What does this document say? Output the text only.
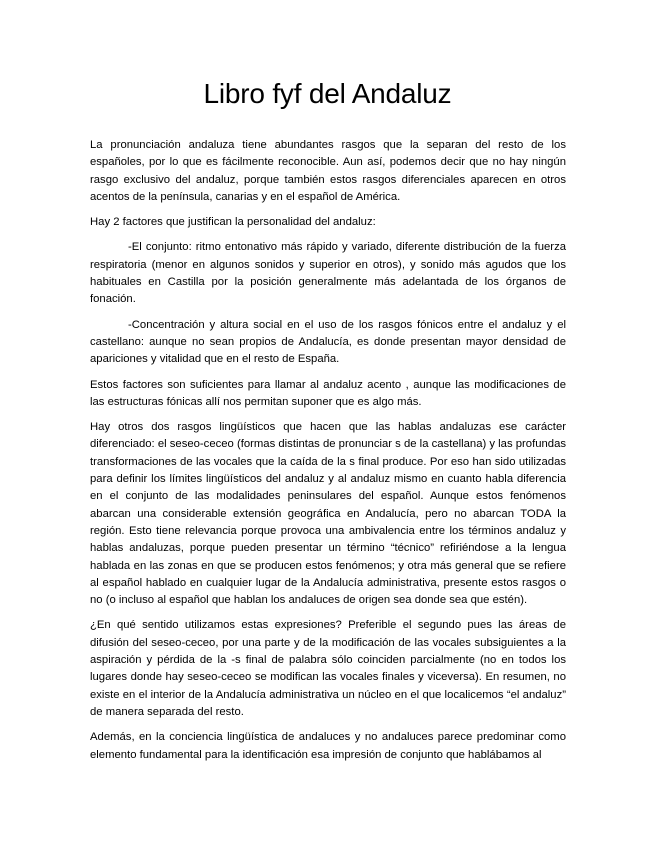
Libro fyf del Andaluz

La pronunciación andaluza tiene abundantes rasgos que la separan del resto de los españoles, por lo que es fácilmente reconocible. Aun así, podemos decir que no hay ningún rasgo exclusivo del andaluz, porque también estos rasgos diferenciales aparecen en otros acentos de la península, canarias y en el español de América.

Hay 2 factores que justifican la personalidad del andaluz:

-El conjunto: ritmo entonativo más rápido y variado, diferente distribución de la fuerza respiratoria (menor en algunos sonidos y superior en otros), y sonido más agudos que los habituales en Castilla por la posición generalmente más adelantada de los órganos de fonación.

-Concentración y altura social en el uso de los rasgos fónicos entre el andaluz y el castellano: aunque no sean propios de Andalucía, es donde presentan mayor densidad de apariciones y vitalidad que en el resto de España.

Estos factores son suficientes para llamar al andaluz acento , aunque las modificaciones de las estructuras fónicas allí nos permitan suponer que es algo más.

Hay otros dos rasgos lingüísticos que hacen que las hablas andaluzas ese carácter diferenciado: el seseo-ceceo (formas distintas de pronunciar s de la castellana) y las profundas transformaciones de las vocales que la caída de la s final produce. Por eso han sido utilizadas para definir los límites lingüísticos del andaluz y al andaluz mismo en cuanto habla diferencia en el conjunto de las modalidades peninsulares del español. Aunque estos fenómenos abarcan una considerable extensión geográfica en Andalucía, pero no abarcan TODA la región. Esto tiene relevancia porque provoca una ambivalencia entre los términos andaluz y hablas andaluzas, porque pueden presentar un término “técnico” refiriéndose a la lengua hablada en las zonas en que se producen estos fenómenos; y otra más general que se refiere al español hablado en cualquier lugar de la Andalucía administrativa, presente estos rasgos o no (o incluso al español que hablan los andaluces de origen sea donde sea que estén).

¿En qué sentido utilizamos estas expresiones? Preferible el segundo pues las áreas de difusión del seseo-ceceo, por una parte y de la modificación de las vocales subsiguientes a la aspiración y pérdida de la -s final de palabra sólo coinciden parcialmente (no en todos los lugares donde hay seseo-ceceo se modifican las vocales finales y viceversa). En resumen, no existe en el interior de la Andalucía administrativa un núcleo en el que localicemos “el andaluz” de manera separada del resto.

Además, en la conciencia lingüística de andaluces y no andaluces parece predominar como elemento fundamental para la identificación esa impresión de conjunto que hablábamos al
